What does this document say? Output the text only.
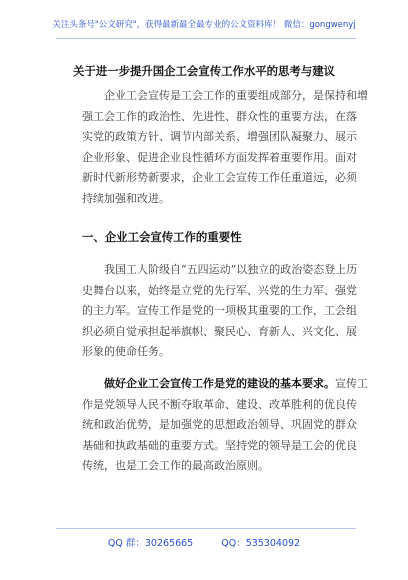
关注头条号"公文研究"，获得最新最全最专业的公文资料库！ 微信：gongwenyj
关于进一步提升国企工会宣传工作水平的思考与建议
企业工会宣传是工会工作的重要组成部分，是保持和增
强工会工作的政治性、先进性、群众性的重要方法，在落
实党的政策方针、调节内部关系、增强团队凝聚力、展示
企业形象、促进企业良性循环方面发挥着重要作用。面对
新时代新形势新要求，企业工会宣传工作任重道远，必须
持续加强和改进。
一、企业工会宣传工作的重要性
我国工人阶级自“五四运动”以独立的政治姿态登上历
史舞台以来，始终是立党的先行军、兴党的生力军、强党
的主力军。宣传工作是党的一项极其重要的工作，工会组
织必须自觉承担起举旗帜、聚民心、育新人、兴文化、展
形象的使命任务。
做好企业工会宣传工作是党的建设的基本要求。宣传工
作是党领导人民不断夺取革命、建设、改革胜利的优良传
统和政治优势，是加强党的思想政治领导、巩固党的群众
基础和执政基础的重要方式。坚持党的领导是工会的优良
传统，也是工会工作的最高政治原则。
QQ 群：30265665	QQ：535304092
